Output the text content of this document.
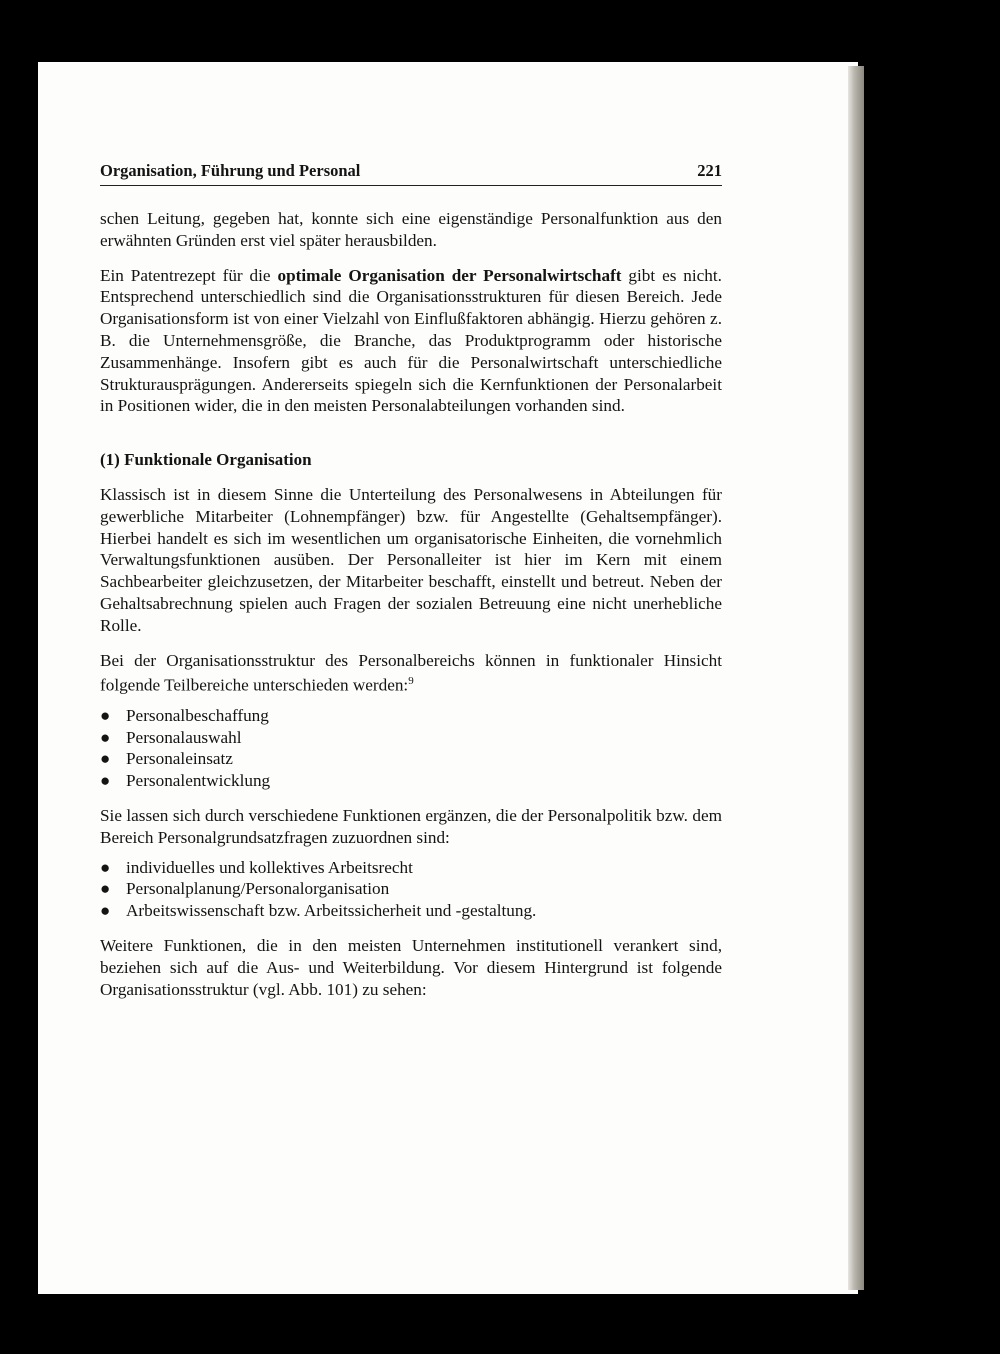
Organisation, Führung und Personal	221

schen Leitung, gegeben hat, konnte sich eine eigenständige Personalfunktion aus den erwähnten Gründen erst viel später herausbilden.

Ein Patentrezept für die optimale Organisation der Personalwirtschaft gibt es nicht. Entsprechend unterschiedlich sind die Organisationsstrukturen für diesen Bereich. Jede Organisationsform ist von einer Vielzahl von Einflußfaktoren abhängig. Hierzu gehören z. B. die Unternehmensgröße, die Branche, das Produktprogramm oder historische Zusammenhänge. Insofern gibt es auch für die Personalwirtschaft unterschiedliche Strukturausprägungen. Andererseits spiegeln sich die Kernfunktionen der Personalarbeit in Positionen wider, die in den meisten Personalabteilungen vorhanden sind.

(1) Funktionale Organisation

Klassisch ist in diesem Sinne die Unterteilung des Personalwesens in Abteilungen für gewerbliche Mitarbeiter (Lohnempfänger) bzw. für Angestellte (Gehaltsempfänger). Hierbei handelt es sich im wesentlichen um organisatorische Einheiten, die vornehmlich Verwaltungsfunktionen ausüben. Der Personalleiter ist hier im Kern mit einem Sachbearbeiter gleichzusetzen, der Mitarbeiter beschafft, einstellt und betreut. Neben der Gehaltsabrechnung spielen auch Fragen der sozialen Betreuung eine nicht unerhebliche Rolle.

Bei der Organisationsstruktur des Personalbereichs können in funktionaler Hinsicht folgende Teilbereiche unterschieden werden:$^9$

● Personalbeschaffung
● Personalauswahl
● Personaleinsatz
● Personalentwicklung

Sie lassen sich durch verschiedene Funktionen ergänzen, die der Personalpolitik bzw. dem Bereich Personalgrundsatzfragen zuzuordnen sind:

● individuelles und kollektives Arbeitsrecht
● Personalplanung/Personalorganisation
● Arbeitswissenschaft bzw. Arbeitssicherheit und -gestaltung.

Weitere Funktionen, die in den meisten Unternehmen institutionell verankert sind, beziehen sich auf die Aus- und Weiterbildung. Vor diesem Hintergrund ist folgende Organisationsstruktur (vgl. Abb. 101) zu sehen:
